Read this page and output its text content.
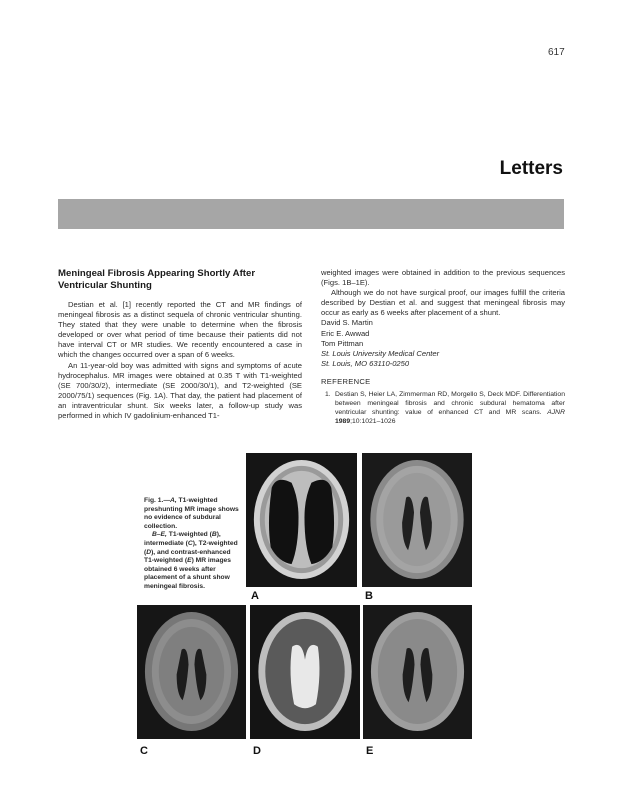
617
Letters
Meningeal Fibrosis Appearing Shortly After Ventricular Shunting

Destian et al. [1] recently reported the CT and MR findings of meningeal fibrosis as a distinct sequela of chronic ventricular shunting. They stated that they were unable to determine when the fibrosis developed or over what period of time because their patients did not have interval CT or MR studies. We recently encountered a case in which the changes occurred over a span of 6 weeks.

An 11-year-old boy was admitted with signs and symptoms of acute hydrocephalus. MR images were obtained at 0.35 T with T1-weighted (SE 700/30/2), intermediate (SE 2000/30/1), and T2-weighted (SE 2000/75/1) sequences (Fig. 1A). That day, the patient had placement of an intraventricular shunt. Six weeks later, a follow-up study was performed in which IV gadolinium-enhanced T1-

weighted images were obtained in addition to the previous sequences (Figs. 1B–1E).

Although we do not have surgical proof, our images fulfill the criteria described by Destian et al. and suggest that meningeal fibrosis may occur as early as 6 weeks after placement of a shunt.

David S. Martin

Eric E. Awwad

Tom Pittman

St. Louis University Medical Center

St. Louis, MO 63110-0250

REFERENCE
1. Destian S, Heier LA, Zimmerman RD, Morgello S, Deck MDF. Differentiation between meningeal fibrosis and chronic subdural hematoma after ventricular shunting: value of enhanced CT and MR scans. AJNR 1989;10:1021–1026

Fig. 1.—A, T1-weighted preshunting MR image shows no evidence of subdural collection.

B–E, T1-weighted (B), intermediate (C), T2-weighted (D), and contrast-enhanced T1-weighted (E) MR images obtained 6 weeks after placement of a shunt show meningeal fibrosis.

A	B
C	D	E
